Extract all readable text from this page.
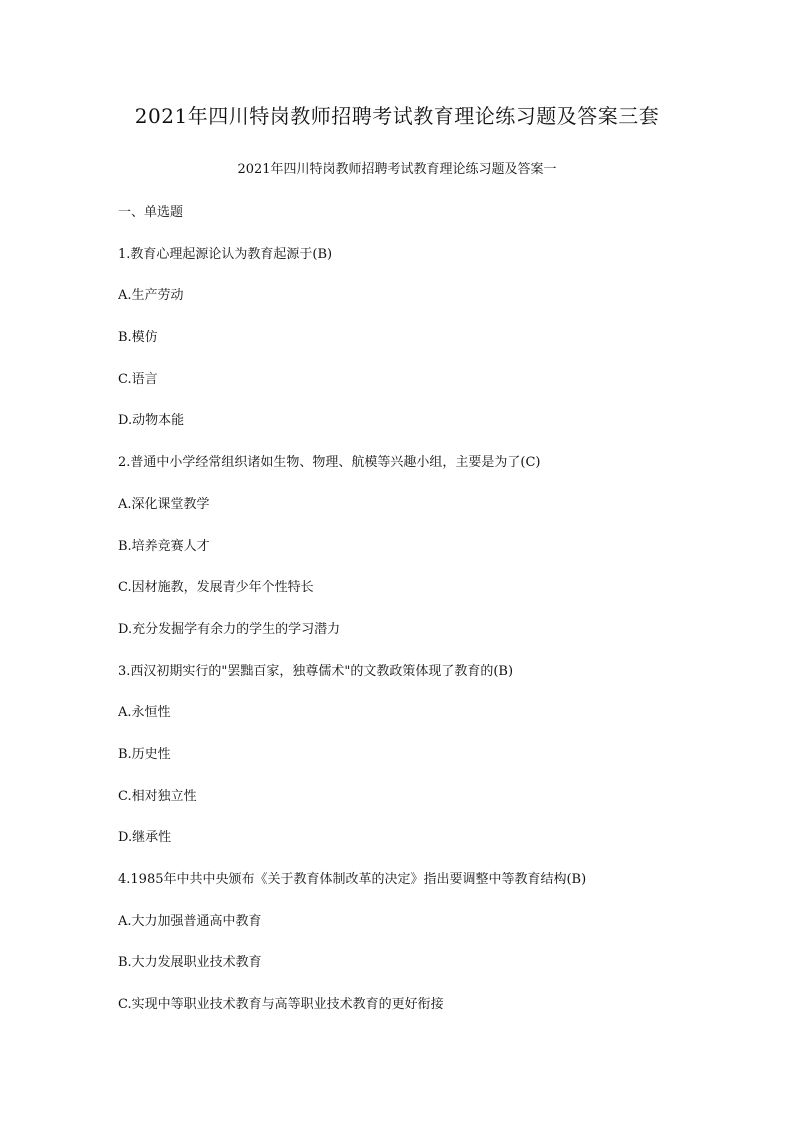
2021年四川特岗教师招聘考试教育理论练习题及答案三套
2021年四川特岗教师招聘考试教育理论练习题及答案一
一、单选题
1.教育心理起源论认为教育起源于(B)
A.生产劳动
B.模仿
C.语言
D.动物本能
2.普通中小学经常组织诸如生物、物理、航模等兴趣小组，主要是为了(C)
A.深化课堂教学
B.培养竞赛人才
C.因材施教，发展青少年个性特长
D.充分发掘学有余力的学生的学习潜力
3.西汉初期实行的"罢黜百家，独尊儒术"的文教政策体现了教育的(B)
A.永恒性
B.历史性
C.相对独立性
D.继承性
4.1985年中共中央颁布《关于教育体制改革的决定》指出要调整中等教育结构(B)
A.大力加强普通高中教育
B.大力发展职业技术教育
C.实现中等职业技术教育与高等职业技术教育的更好衔接
